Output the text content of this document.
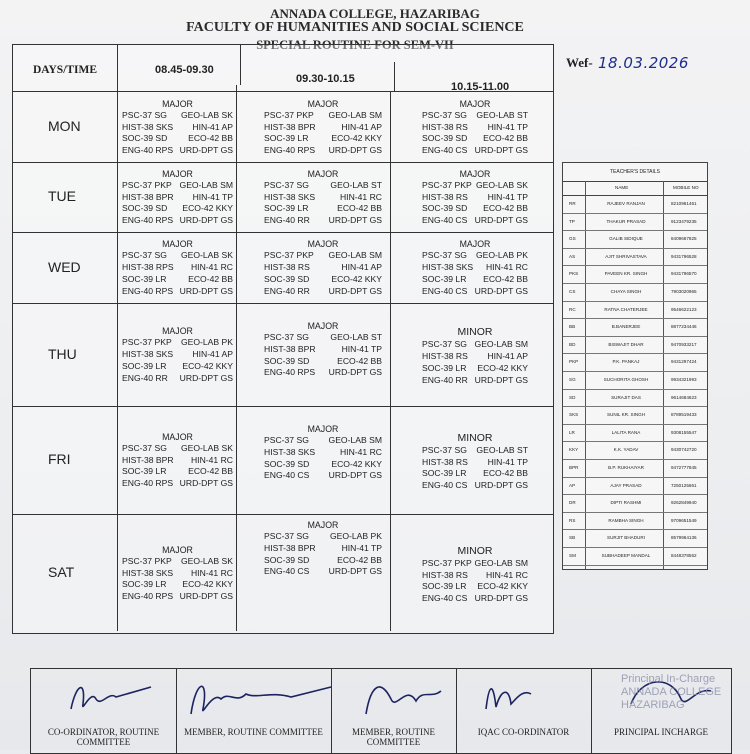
ANNADA COLLEGE, HAZARIBAG
FACULTY OF HUMANITIES AND SOCIAL SCIENCE
SPECIAL ROUTINE FOR SEM-VII
Wef- 18.03.2026
DAYS/TIME	08.45-09.30
09.30-10.15
10.15-11.00
MON
MAJOR
PSC-37 SG GEO-LAB SK
HIST-38 SKS HIN-41 AP
SOC-39 SD ECO-42 BB
ENG-40 RPS URD-DPT GS
MAJOR
PSC-37 PKP GEO-LAB SM
HIST-38 BPR	HIN-41 AP
SOC-39 LR	ECO-42 KKY
ENG-40 RPS URD-DPT GS
MAJOR
PSC-37 SG GEO-LAB ST
HIST-38 RS HIN-41 TP
SOC-39 SD ECO-42 BB
ENG-40 CS URD-DPT GS
TUE
MAJOR
PSC-37 PKP GEO-LAB SM
HIST-38 BPR HIN-41 TP
SOC-39 SD ECO-42 KKY
ENG-40 RPS URD-DPT GS
MAJOR
PSC-37 SG	GEO-LAB ST
HIST-38 SKS	HIN-41 RC
SOC-39 LR	ECO-42 BB
ENG-40 RR URD-DPT GS
MAJOR
PSC-37 PKP GEO-LAB SK
HIST-38 RS HIN-41 TP
SOC-39 SD ECO-42 BB
ENG-40 CS URD-DPT GS
WED
MAJOR
PSC-37 SG GEO-LAB SK
HIST-38 RPS HIN-41 RC
SOC-39 LR	ECO-42 BB
ENG-40 RPS URD-DPT GS
MAJOR
PSC-37 PKP GEO-LAB SM
HIST-38 RS	HIN-41 AP
SOC-39 SD	ECO-42 KKY
ENG-40 RR URD-DPT GS
MAJOR
PSC-37 SG GEO-LAB PK
HIST-38 SKS HIN-41 RC
SOC-39 LR ECO-42 BB
ENG-40 CS URD-DPT GS
THU
MAJOR
PSC-37 PKP GEO-LAB PK
HIST-38 SKS HIN-41 AP
SOC-39 LR ECO-42 KKY
ENG-40 RR URD-DPT GS
MAJOR
PSC-37 SG	GEO-LAB ST
HIST-38 BPR	HIN-41 TP
SOC-39 SD	ECO-42 BB
ENG-40 RPS URD-DPT GS
MINOR
PSC-37 SG GEO-LAB SM
HIST-38 RS HIN-41 AP
SOC-39 LR ECO-42 KKY
ENG-40 RR URD-DPT GS
FRI
MAJOR
PSC-37 SG GEO-LAB SK
HIST-38 BPR HIN-41 RC
SOC-39 LR	ECO-42 BB
ENG-40 RPS URD-DPT GS
MAJOR
PSC-37 SG GEO-LAB SM
HIST-38 SKS	HIN-41 RC
SOC-39 SD	ECO-42 KKY
ENG-40 CS URD-DPT GS
MINOR
PSC-37 SG GEO-LAB ST
HIST-38 RS HIN-41 TP
SOC-39 LR ECO-42 BB
ENG-40 CS URD-DPT GS
SAT
MAJOR
PSC-37 PKP GEO-LAB SK
HIST-38 SKS HIN-41 RC
SOC-39 LR ECO-42 KKY
ENG-40 RPS URD-DPT GS
MAJOR
PSC-37 SG GEO-LAB PK
HIST-38 BPR	HIN-41 TP
SOC-39 SD	ECO-42 BB
ENG-40 CS URD-DPT GS
MINOR
PSC-37 PKP GEO-LAB SM
HIST-38 RS HIN-41 RC
SOC-39 LR ECO-42 KKY
ENG-40 CS URD-DPT GS
TEACHER'S DETAILS
NAME	MOBILE NO
RR	RAJEEV RANJAN	8210961461
TP	THAKUR PRASAD	9123479235
GS	GALIB SIDIQUE	8409667825
AS	AJIT SHRIVASTAVA	9431796528
PKS	PAVEEN KR. SINGH	9431796570
CS	CHAYA SINGH	7903020965
RC	RATNA CHATERJEE	9546622123
BB	B.BANERJEE	8877234446
BD	BISWAJIT DHAR	9470933217
PKP	P.K. PANKAJ	9431297424
SG	SUCHORITA GHOSH	9934321993
SD	SURAJIT DAS	9614684623
SKS	SUNIL KR. SINGH	8789519433
LR	LALITA RANA	9308155547
KKY	K.K. YADAV	9430742720
BPR	B.P. RUKHAIYAR	9472777845
AP	AJAY PRASAD	7250125661
DR	DIPTI RASHMI	9262849940
RS	RAMBHA SINGH	9709651549
SB	SURJIT BHADURI	8579964136
SM	SUBHADEEP MANDAL	8448378562
CO-ORDINATOR, ROUTINE COMMITTEE
MEMBER, ROUTINE COMMITTEE	MEMBER, ROUTINE COMMITTEE
IQAC CO-ORDINATOR	PRINCIPAL INCHARGE
Principal In-Charge
ANNADA COLLEGE
HAZARIBAG
